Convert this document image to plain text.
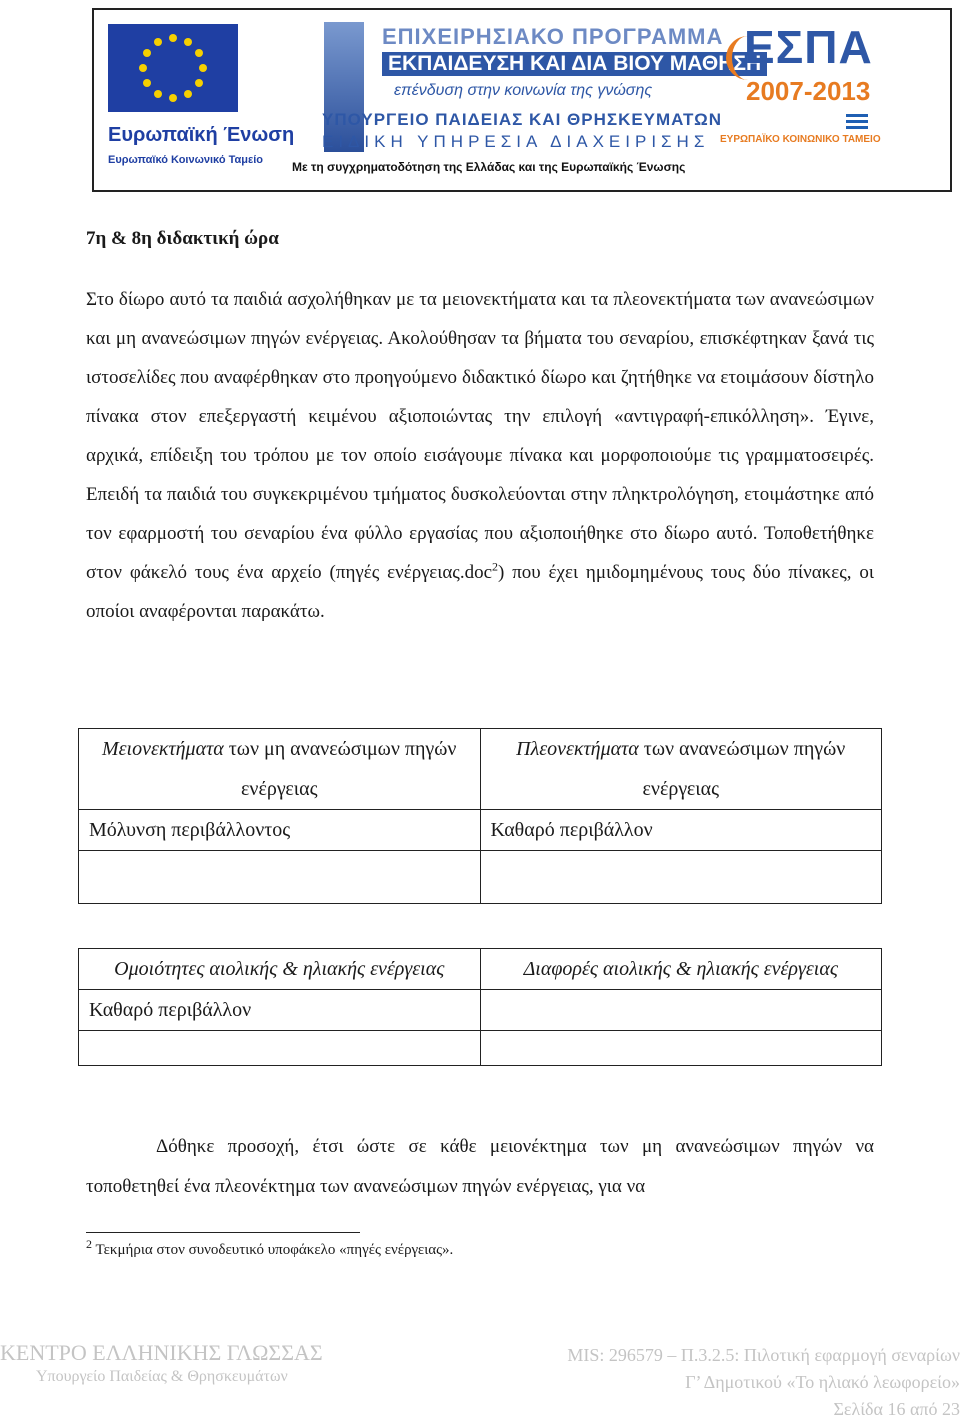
Ευρωπαϊκή Ένωση
Ευρωπαϊκό Κοινωνικό Ταμείο
ΕΠΙΧΕΙΡΗΣΙΑΚΟ ΠΡΟΓΡΑΜΜΑ
ΕΚΠΑΙΔΕΥΣΗ ΚΑΙ ΔΙΑ ΒΙΟΥ ΜΑΘΗΣΗ
επένδυση στην κοινωνία της γνώσης
ΥΠΟΥΡΓΕΙΟ ΠΑΙΔΕΙΑΣ ΚΑΙ ΘΡΗΣΚΕΥΜΑΤΩΝ
ΕΙΔΙΚΗ ΥΠΗΡΕΣΙΑ ΔΙΑΧΕΙΡΙΣΗΣ
Με τη συγχρηματοδότηση της Ελλάδας και της Ευρωπαϊκής Ένωσης
ΕΣΠΑ
2007-2013
ΕΥΡΩΠΑΪΚΟ ΚΟΙΝΩΝΙΚΟ ΤΑΜΕΙΟ
7η & 8η διδακτική ώρα

Στο δίωρο αυτό τα παιδιά ασχολήθηκαν με τα μειονεκτήματα και τα πλεονεκτήματα των ανανεώσιμων και μη ανανεώσιμων πηγών ενέργειας. Ακολούθησαν τα βήματα του σεναρίου, επισκέφτηκαν ξανά τις ιστοσελίδες που αναφέρθηκαν στο προηγούμενο διδακτικό δίωρο και ζητήθηκε να ετοιμάσουν δίστηλο πίνακα στον επεξεργαστή κειμένου αξιοποιώντας την επιλογή «αντιγραφή-επικόλληση». Έγινε, αρχικά, επίδειξη του τρόπου με τον οποίο εισάγουμε πίνακα και μορφοποιούμε τις γραμματοσειρές. Επειδή τα παιδιά του συγκεκριμένου τμήματος δυσκολεύονται στην πληκτρολόγηση, ετοιμάστηκε από τον εφαρμοστή του σεναρίου ένα φύλλο εργασίας που αξιοποιήθηκε στο δίωρο αυτό. Τοποθετήθηκε στον φάκελό τους ένα αρχείο (πηγές ενέργειας.doc$^2$) που έχει ημιδομημένους τους δύο πίνακες, οι οποίοι αναφέρονται παρακάτω.

Μειονεκτήματα των μη ανανεώσιμων πηγών ενέργειας	Πλεονεκτήματα των ανανεώσιμων πηγών ενέργειας
Μόλυνση περιβάλλοντος	Καθαρό περιβάλλον

Ομοιότητες αιολικής & ηλιακής ενέργειας	Διαφορές αιολικής & ηλιακής ενέργειας
Καθαρό περιβάλλον	

Δόθηκε προσοχή, έτσι ώστε σε κάθε μειονέκτημα των μη ανανεώσιμων πηγών να τοποθετηθεί ένα πλεονέκτημα των ανανεώσιμων πηγών ενέργειας, για να

$^2$ Τεκμήρια στον συνοδευτικό υποφάκελο «πηγές ενέργειας».
ΚΕΝΤΡΟ ΕΛΛΗΝΙΚΗΣ ΓΛΩΣΣΑΣ
Υπουργείο Παιδείας & Θρησκευμάτων
MIS: 296579 – Π.3.2.5: Πιλοτική εφαρμογή σεναρίων
Γ’ Δημοτικού «Το ηλιακό λεωφορείο»
Σελίδα 16 από 23
